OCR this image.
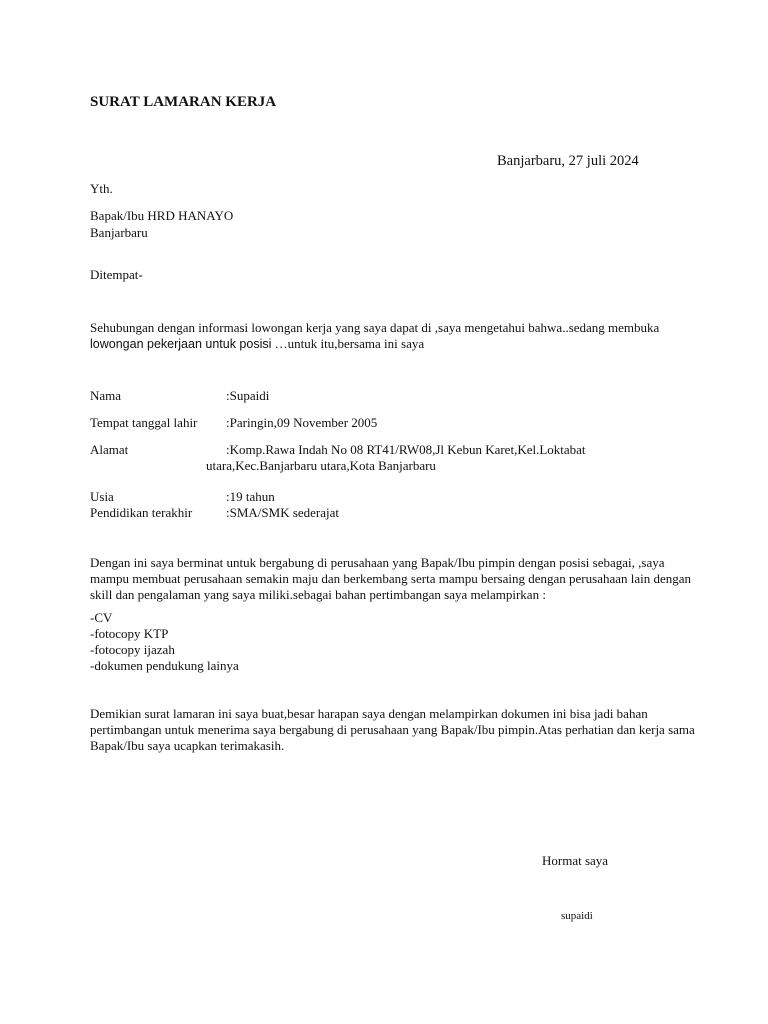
SURAT LAMARAN KERJA
Banjarbaru, 27 juli 2024
Yth.
Bapak/Ibu HRD HANAYO
Banjarbaru
Ditempat-
Sehubungan dengan informasi lowongan kerja yang saya dapat di ,saya mengetahui bahwa..sedang membuka
lowongan pekerjaan untuk posisi …untuk itu,bersama ini saya
Nama	:Supaidi
Tempat tanggal lahir :Paringin,09 November 2005
Alamat	:Komp.Rawa Indah No 08 RT41/RW08,Jl Kebun Karet,Kel.Loktabat
utara,Kec.Banjarbaru utara,Kota Banjarbaru
Usia	:19 tahun
Pendidikan terakhir	:SMA/SMK sederajat
Dengan ini saya berminat untuk bergabung di perusahaan yang Bapak/Ibu pimpin dengan posisi sebagai, ,saya
mampu membuat perusahaan semakin maju dan berkembang serta mampu bersaing dengan perusahaan lain dengan
skill dan pengalaman yang saya miliki.sebagai bahan pertimbangan saya melampirkan :
-CV
-fotocopy KTP
-fotocopy ijazah
-dokumen pendukung lainya
Demikian surat lamaran ini saya buat,besar harapan saya dengan melampirkan dokumen ini bisa jadi bahan
pertimbangan untuk menerima saya bergabung di perusahaan yang Bapak/Ibu pimpin.Atas perhatian dan kerja sama
Bapak/Ibu saya ucapkan terimakasih.
Hormat saya
supaidi
